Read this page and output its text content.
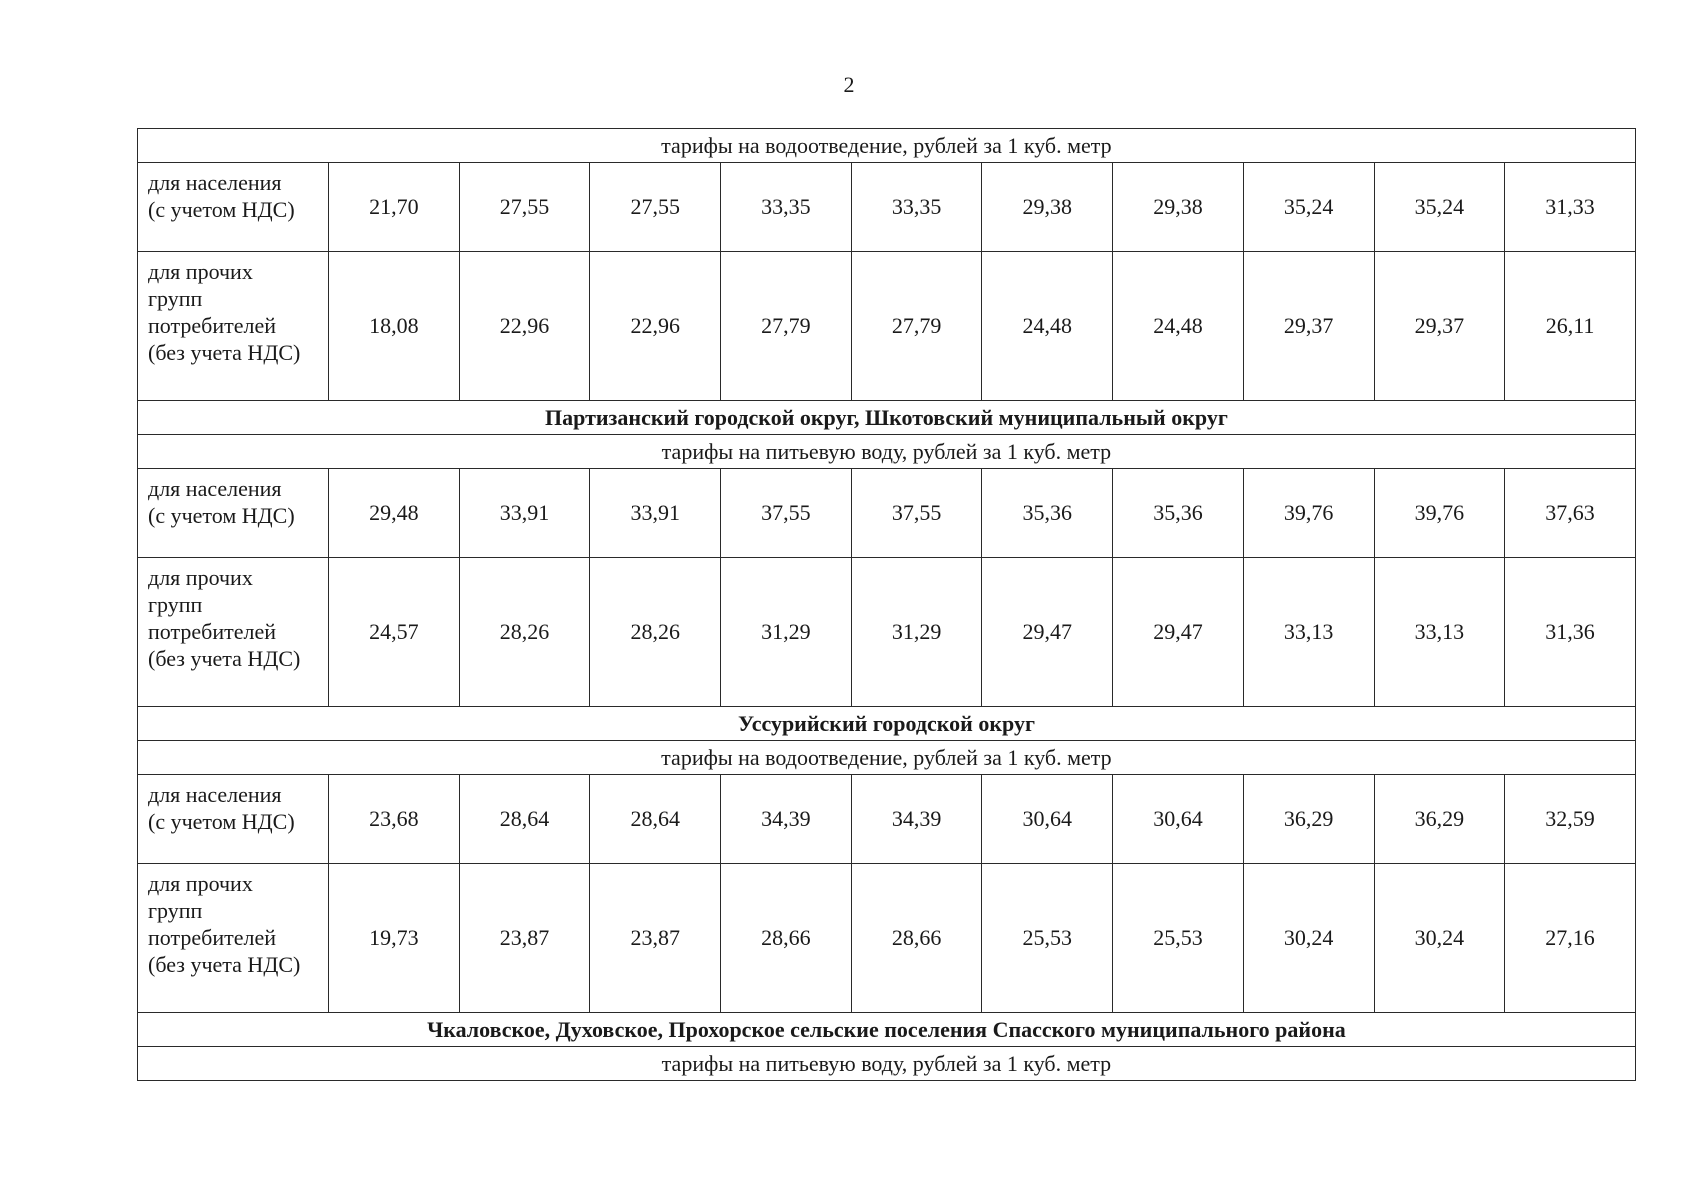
2
тарифы на водоотведение, рублей за 1 куб. метр										

для населения
(с учетом НДС)	21,70	27,55	27,55	33,35	33,35	29,38	29,38	35,24	35,24	31,33

для прочих
групп
потребителей
(без учета НДС)	18,08	22,96	22,96	27,79	27,79	24,48	24,48	29,37	29,37	26,11
Партизанский городской округ, Шкотовский муниципальный округ										
тарифы на питьевую воду, рублей за 1 куб. метр										

для населения
(с учетом НДС)	29,48	33,91	33,91	37,55	37,55	35,36	35,36	39,76	39,76	37,63

для прочих
групп
потребителей
(без учета НДС)	24,57	28,26	28,26	31,29	31,29	29,47	29,47	33,13	33,13	31,36
Уссурийский городской округ										
тарифы на водоотведение, рублей за 1 куб. метр										

для населения
(с учетом НДС)	23,68	28,64	28,64	34,39	34,39	30,64	30,64	36,29	36,29	32,59

для прочих
групп
потребителей
(без учета НДС)	19,73	23,87	23,87	28,66	28,66	25,53	25,53	30,24	30,24	27,16
Чкаловское, Духовское, Прохорское сельские поселения Спасского муниципального района										
тарифы на питьевую воду, рублей за 1 куб. метр										
